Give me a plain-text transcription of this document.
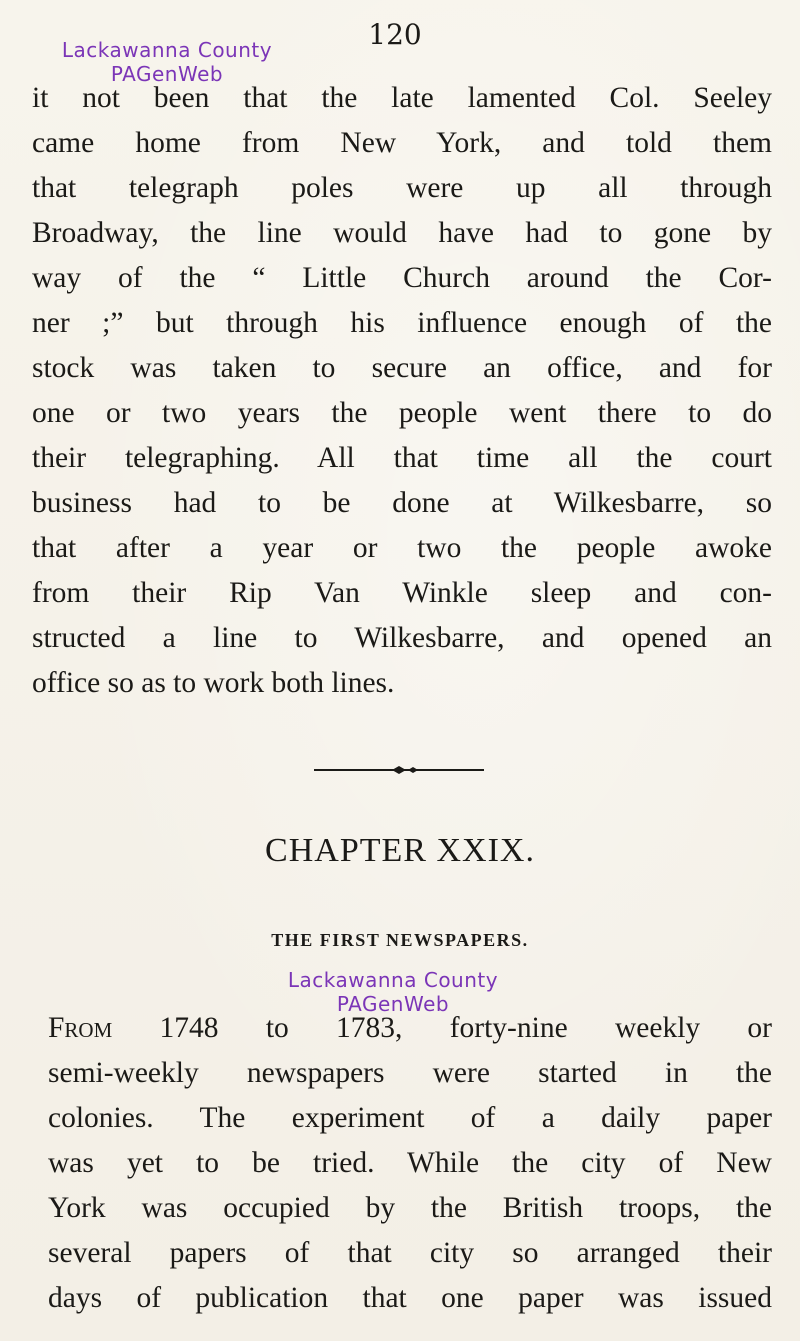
Lackawanna County
PAGenWeb
120
it not been that the late lamented Col. Seeley
came home from New York, and told them
that telegraph poles were up all through
Broadway, the line would have had to gone by
way of the “ Little Church around the Cor-
ner ;” but through his influence enough of the
stock was taken to secure an office, and for
one or two years the people went there to do
their telegraphing. All that time all the court
business had to be done at Wilkesbarre, so
that after a year or two the people awoke
from their Rip Van Winkle sleep and con-
structed a line to Wilkesbarre, and opened an
office so as to work both lines.
CHAPTER XXIX.
THE FIRST NEWSPAPERS.
Lackawanna County
PAGenWeb
From 1748 to 1783, forty-nine weekly or
semi-weekly newspapers were started in the
colonies. The experiment of a daily paper
was yet to be tried. While the city of New
York was occupied by the British troops, the
several papers of that city so arranged their
days of publication that one paper was issued
